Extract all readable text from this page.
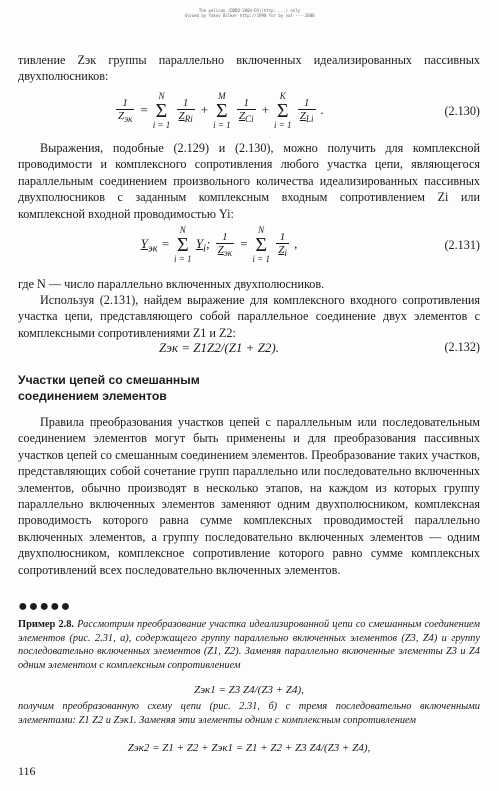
The pelican (DDDD-2004-D1)(http: ...) only
djvued by Yakov Bilker http://1998 for by val ----2008
тивление Zэк группы параллельно включенных идеализированных пассивных двухполюсников:
$\frac{1}{Z_{эк}} = N$
Σ
i = 1
$\frac{1}{Z_{Ri}} + M$
Σ
i = 1
$\frac{1}{Z_{Ci}} + K$
Σ
i = 1
$\frac{1}{Z_{Li}}$ .	(2.130)
Выражения, подобные (2.129) и (2.130), можно получить для комплексной проводимости и комплексного сопротивления любого участка цепи, являющегося параллельным соединением произвольного количества идеализированных пассивных двухполюсников с заданным комплексным входным сопротивлением Zi или комплексной входной проводимостью Yi:
$Y_{эк} = N$
Σ
i = 1 $Y_i$; $\frac{1}{Z_{эк}} = N$
Σ
i = 1
$\frac{1}{Z_i}$ ,	(2.131)
где N — число параллельно включенных двухполюсников.
Используя (2.131), найдем выражение для комплексного входного сопротивления участка цепи, представляющего собой параллельное соединение двух элементов с комплексными сопротивлениями Z1 и Z2:
Zэк = Z1Z2/(Z1 + Z2).	(2.132)
Участки цепей со смешанным
соединением элементов
Правила преобразования участков цепей с параллельным или последовательным соединением элементов могут быть применены и для преобразования пассивных участков цепей со смешанным соединением элементов. Преобразование таких участков, представляющих собой сочетание групп параллельно или последовательно включенных элементов, обычно производят в несколько этапов, на каждом из которых группу параллельно включенных элементов заменяют одним двухполюсником, комплексная проводимость которого равна сумме комплексных проводимостей параллельно включенных элементов, а группу последовательно включенных элементов — одним двухполюсником, комплексное сопротивление которого равно сумме комплексных сопротивлений всех последовательно включенных элементов.
●●●●●
Пример 2.8. Рассмотрим преобразование участка идеализированной цепи со смешанным соединением элементов (рис. 2.31, а), содержащего группу параллельно включенных элементов (Z3, Z4) и группу последовательно включенных элементов (Z1, Z2). Заменяя параллельно включенные элементы Z3 и Z4 одним элементом с комплексным сопротивлением
Zэк1 = Z3 Z4/(Z3 + Z4),
получим преобразованную схему цепи (рис. 2.31, б) с тремя последовательно включенными элементами: Z1 Z2 и Zэк1. Заменяя эти элементы одним с комплексным сопротивлением
Zэк2 = Z1 + Z2 + Zэк1 = Z1 + Z2 + Z3 Z4/(Z3 + Z4),
116
